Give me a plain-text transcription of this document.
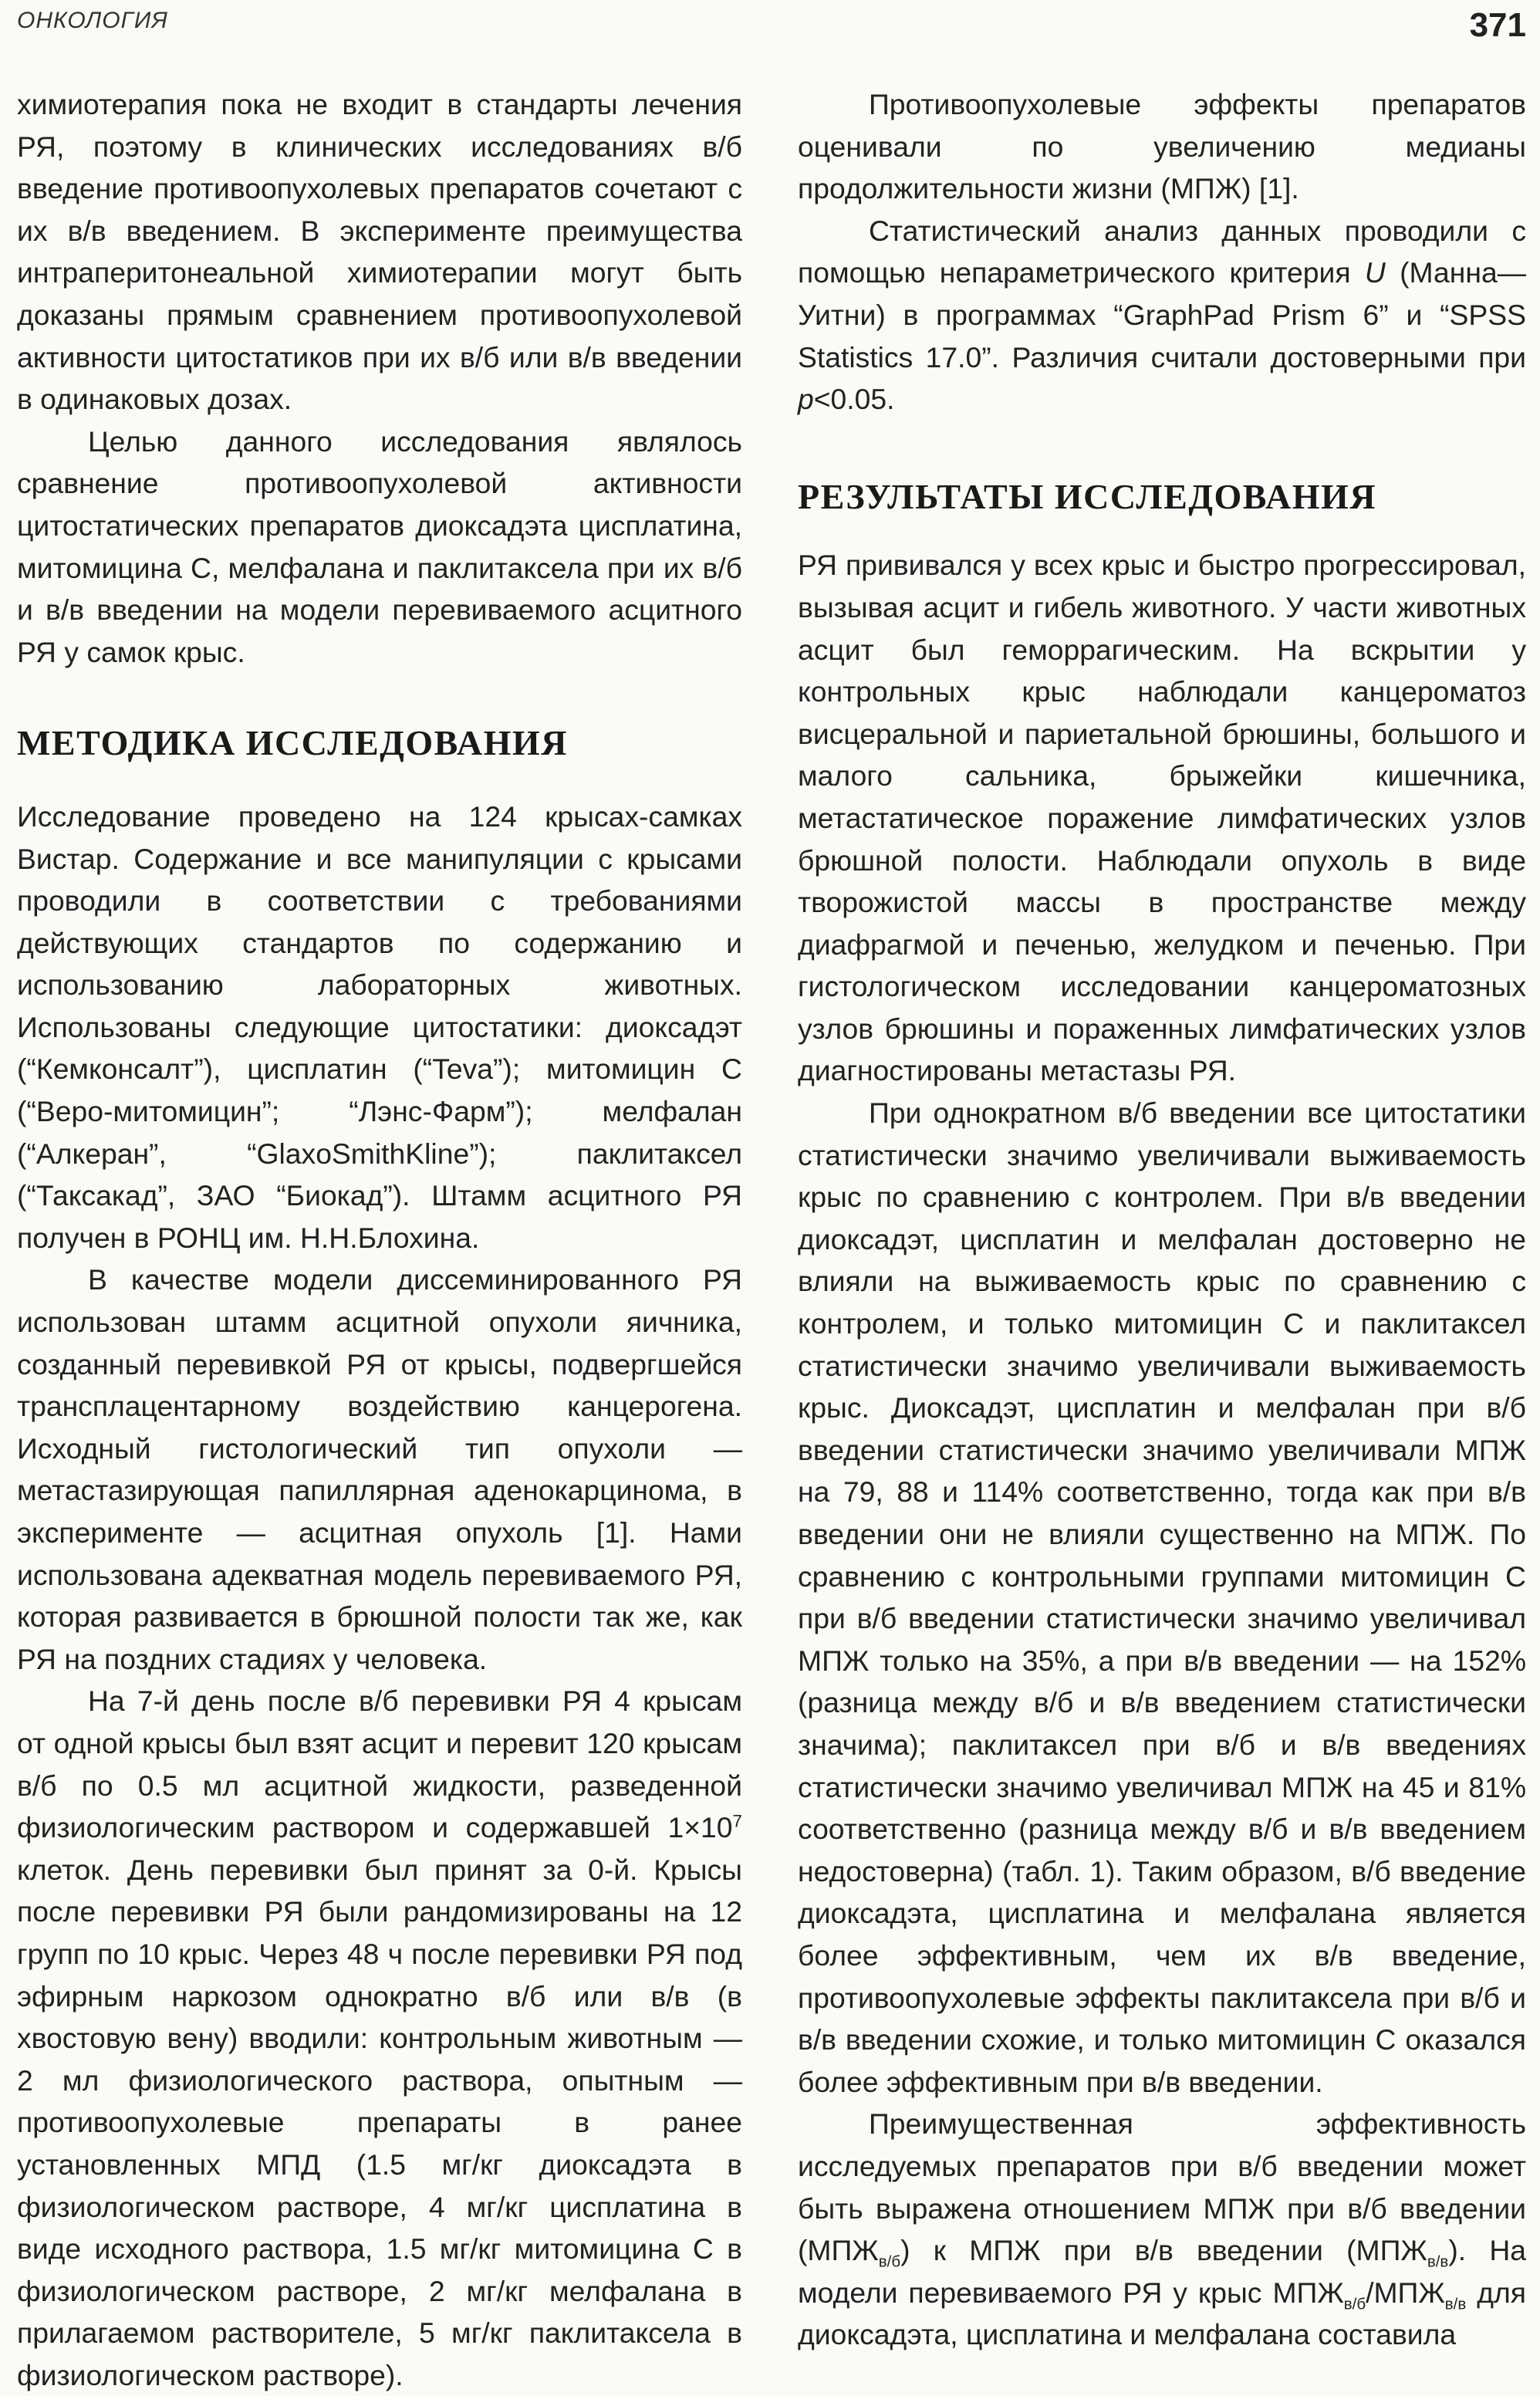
ОНКОЛОГИЯ	371

химиотерапия пока не входит в стандарты лечения РЯ, поэтому в клинических исследованиях в/б введение противоопухолевых препаратов сочетают с их в/в введением. В эксперименте преимущества интраперитонеальной химиотерапии могут быть доказаны прямым сравнением противоопухолевой активности цитостатиков при их в/б или в/в введении в одинаковых дозах.

Целью данного исследования являлось сравнение противоопухолевой активности цитостатических препаратов диоксадэта цисплатина, митомицина С, мелфалана и паклитаксела при их в/б и в/в введении на модели перевиваемого асцитного РЯ у самок крыс.

МЕТОДИКА ИССЛЕДОВАНИЯ

Исследование проведено на 124 крысах-самках Вистар. Содержание и все манипуляции с крысами проводили в соответствии с требованиями действующих стандартов по содержанию и использованию лабораторных животных. Использованы следующие цитостатики: диоксадэт (“Кемконсалт”), цисплатин (“Teva”); митомицин С (“Веро-митомицин”; “Лэнс-Фарм”); мелфалан (“Алкеран”, “GlaxoSmithKline”); паклитаксел (“Таксакад”, ЗАО “Биокад”). Штамм асцитного РЯ получен в РОНЦ им. Н.Н.Блохина.

В качестве модели диссеминированного РЯ использован штамм асцитной опухоли яичника, созданный перевивкой РЯ от крысы, подвергшейся трансплацентарному воздействию канцерогена. Исходный гистологический тип опухоли — метастазирующая папиллярная аденокарцинома, в эксперименте — асцитная опухоль [1]. Нами использована адекватная модель перевиваемого РЯ, которая развивается в брюшной полости так же, как РЯ на поздних стадиях у человека.

На 7-й день после в/б перевивки РЯ 4 крысам от одной крысы был взят асцит и перевит 120 крысам в/б по 0.5 мл асцитной жидкости, разведенной физиологическим раствором и содержавшей $1\times 10^7$ клеток. День перевивки был принят за 0-й. Крысы после перевивки РЯ были рандомизированы на 12 групп по 10 крыс. Через 48 ч после перевивки РЯ под эфирным наркозом однократно в/б или в/в (в хвостовую вену) вводили: контрольным животным — 2 мл физиологического раствора, опытным — противоопухолевые препараты в ранее установленных МПД (1.5 мг/кг диоксадэта в физиологическом растворе, 4 мг/кг цисплатина в виде исходного раствора, 1.5 мг/кг митомицина С в физиологическом растворе, 2 мг/кг мелфалана в прилагаемом растворителе, 5 мг/кг паклитаксела в физиологическом растворе).

Противоопухолевые эффекты препаратов оценивали по увеличению медианы продолжительности жизни (МПЖ) [1].

Статистический анализ данных проводили с помощью непараметрического критерия U (Манна—Уитни) в программах “GraphPad Prism 6” и “SPSS Statistics 17.0”. Различия считали достоверными при p<0.05.

РЕЗУЛЬТАТЫ ИССЛЕДОВАНИЯ

РЯ прививался у всех крыс и быстро прогрессировал, вызывая асцит и гибель животного. У части животных асцит был геморрагическим. На вскрытии у контрольных крыс наблюдали канцероматоз висцеральной и париетальной брюшины, большого и малого сальника, брыжейки кишечника, метастатическое поражение лимфатических узлов брюшной полости. Наблюдали опухоль в виде творожистой массы в пространстве между диафрагмой и печенью, желудком и печенью. При гистологическом исследовании канцероматозных узлов брюшины и пораженных лимфатических узлов диагностированы метастазы РЯ.

При однократном в/б введении все цитостатики статистически значимо увеличивали выживаемость крыс по сравнению с контролем. При в/в введении диоксадэт, цисплатин и мелфалан достоверно не влияли на выживаемость крыс по сравнению с контролем, и только митомицин С и паклитаксел статистически значимо увеличивали выживаемость крыс. Диоксадэт, цисплатин и мелфалан при в/б введении статистически значимо увеличивали МПЖ на 79, 88 и 114% соответственно, тогда как при в/в введении они не влияли существенно на МПЖ. По сравнению с контрольными группами митомицин С при в/б введении статистически значимо увеличивал МПЖ только на 35%, а при в/в введении — на 152% (разница между в/б и в/в введением статистически значима); паклитаксел при в/б и в/в введениях статистически значимо увеличивал МПЖ на 45 и 81% соответственно (разница между в/б и в/в введением недостоверна) (табл. 1). Таким образом, в/б введение диоксадэта, цисплатина и мелфалана является более эффективным, чем их в/в введение, противоопухолевые эффекты паклитаксела при в/б и в/в введении схожие, и только митомицин С оказался более эффективным при в/в введении.

Преимущественная эффективность исследуемых препаратов при в/б введении может быть выражена отношением МПЖ при в/б введении $(МПЖ_{в/б})$ к МПЖ при в/в введении $(МПЖ_{в/в})$. На модели перевиваемого РЯ у крыс $МПЖ_{в/б}/МПЖ_{в/в}$ для диоксадэта, цисплатина и мелфалана составила
